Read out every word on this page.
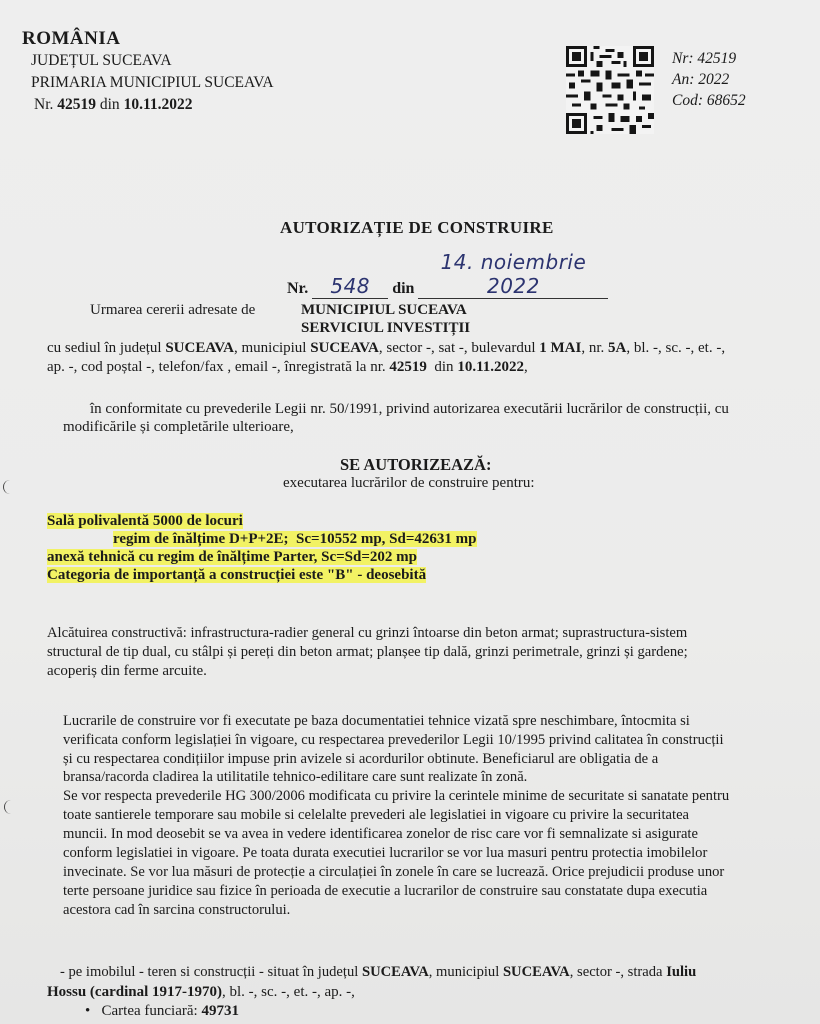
ROMÂNIA
JUDEȚUL SUCEAVA
PRIMARIA MUNICIPIUL SUCEAVA
Nr. 42519 din 10.11.2022
Nr: 42519
An: 2022
Cod: 68652
AUTORIZAȚIE DE CONSTRUIRE
Nr. 548 din 14. noiembrie 2022
Urmarea cererii adresate de	MUNICIPIUL SUCEAVA
SERVICIUL INVESTIȚII
cu sediul în județul SUCEAVA, municipiul SUCEAVA, sector -, sat -, bulevardul 1 MAI, nr. 5A, bl. -, sc. -, et. -,
ap. -, cod poștal -, telefon/fax , email -, înregistrată la nr. 42519  din 10.11.2022,
în conformitate cu prevederile Legii nr. 50/1991, privind autorizarea executării lucrărilor de construcții, cu
modificările și completările ulterioare,
SE AUTORIZEAZĂ:
executarea lucrărilor de construire pentru:
Sală polivalentă 5000 de locuri
regim de înălțime D+P+2E;  Sc=10552 mp, Sd=42631 mp
anexă tehnică cu regim de înălțime Parter, Sc=Sd=202 mp
Categoria de importanță a construcției este "B" - deosebită
Alcătuirea constructivă: infrastructura-radier general cu grinzi întoarse din beton armat; suprastructura-sistem
structural de tip dual, cu stâlpi și pereți din beton armat; planșee tip dală, grinzi perimetrale, grinzi și gardene;
acoperiș din ferme arcuite.
Lucrarile de construire vor fi executate pe baza documentatiei tehnice vizată spre neschimbare, întocmita si
verificata conform legislației în vigoare, cu respectarea prevederilor Legii 10/1995 privind calitatea în construcții
și cu respectarea condițiilor impuse prin avizele si acordurilor obtinute. Beneficiarul are obligatia de a
bransa/racorda cladirea la utilitatile tehnico-edilitare care sunt realizate în zonă.
Se vor respecta prevederile HG 300/2006 modificata cu privire la cerintele minime de securitate si sanatate pentru
toate santierele temporare sau mobile si celelalte prevederi ale legislatiei in vigoare cu privire la securitatea
muncii. In mod deosebit se va avea in vedere identificarea zonelor de risc care vor fi semnalizate si asigurate
conform legislatiei in vigoare. Pe toata durata executiei lucrarilor se vor lua masuri pentru protectia imobilelor
invecinate. Se vor lua măsuri de protecție a circulației în zonele în care se lucrează. Orice prejudicii produse unor
terte persoane juridice sau fizice în perioada de executie a lucrarilor de construire sau constatate dupa executia
acestora cad în sarcina constructorului.
- pe imobilul - teren si construcții - situat în județul SUCEAVA, municipiul SUCEAVA, sector -, strada Iuliu
Hossu (cardinal 1917-1970), bl. -, sc. -, et. -, ap. -,
•   Cartea funciară: 49731
